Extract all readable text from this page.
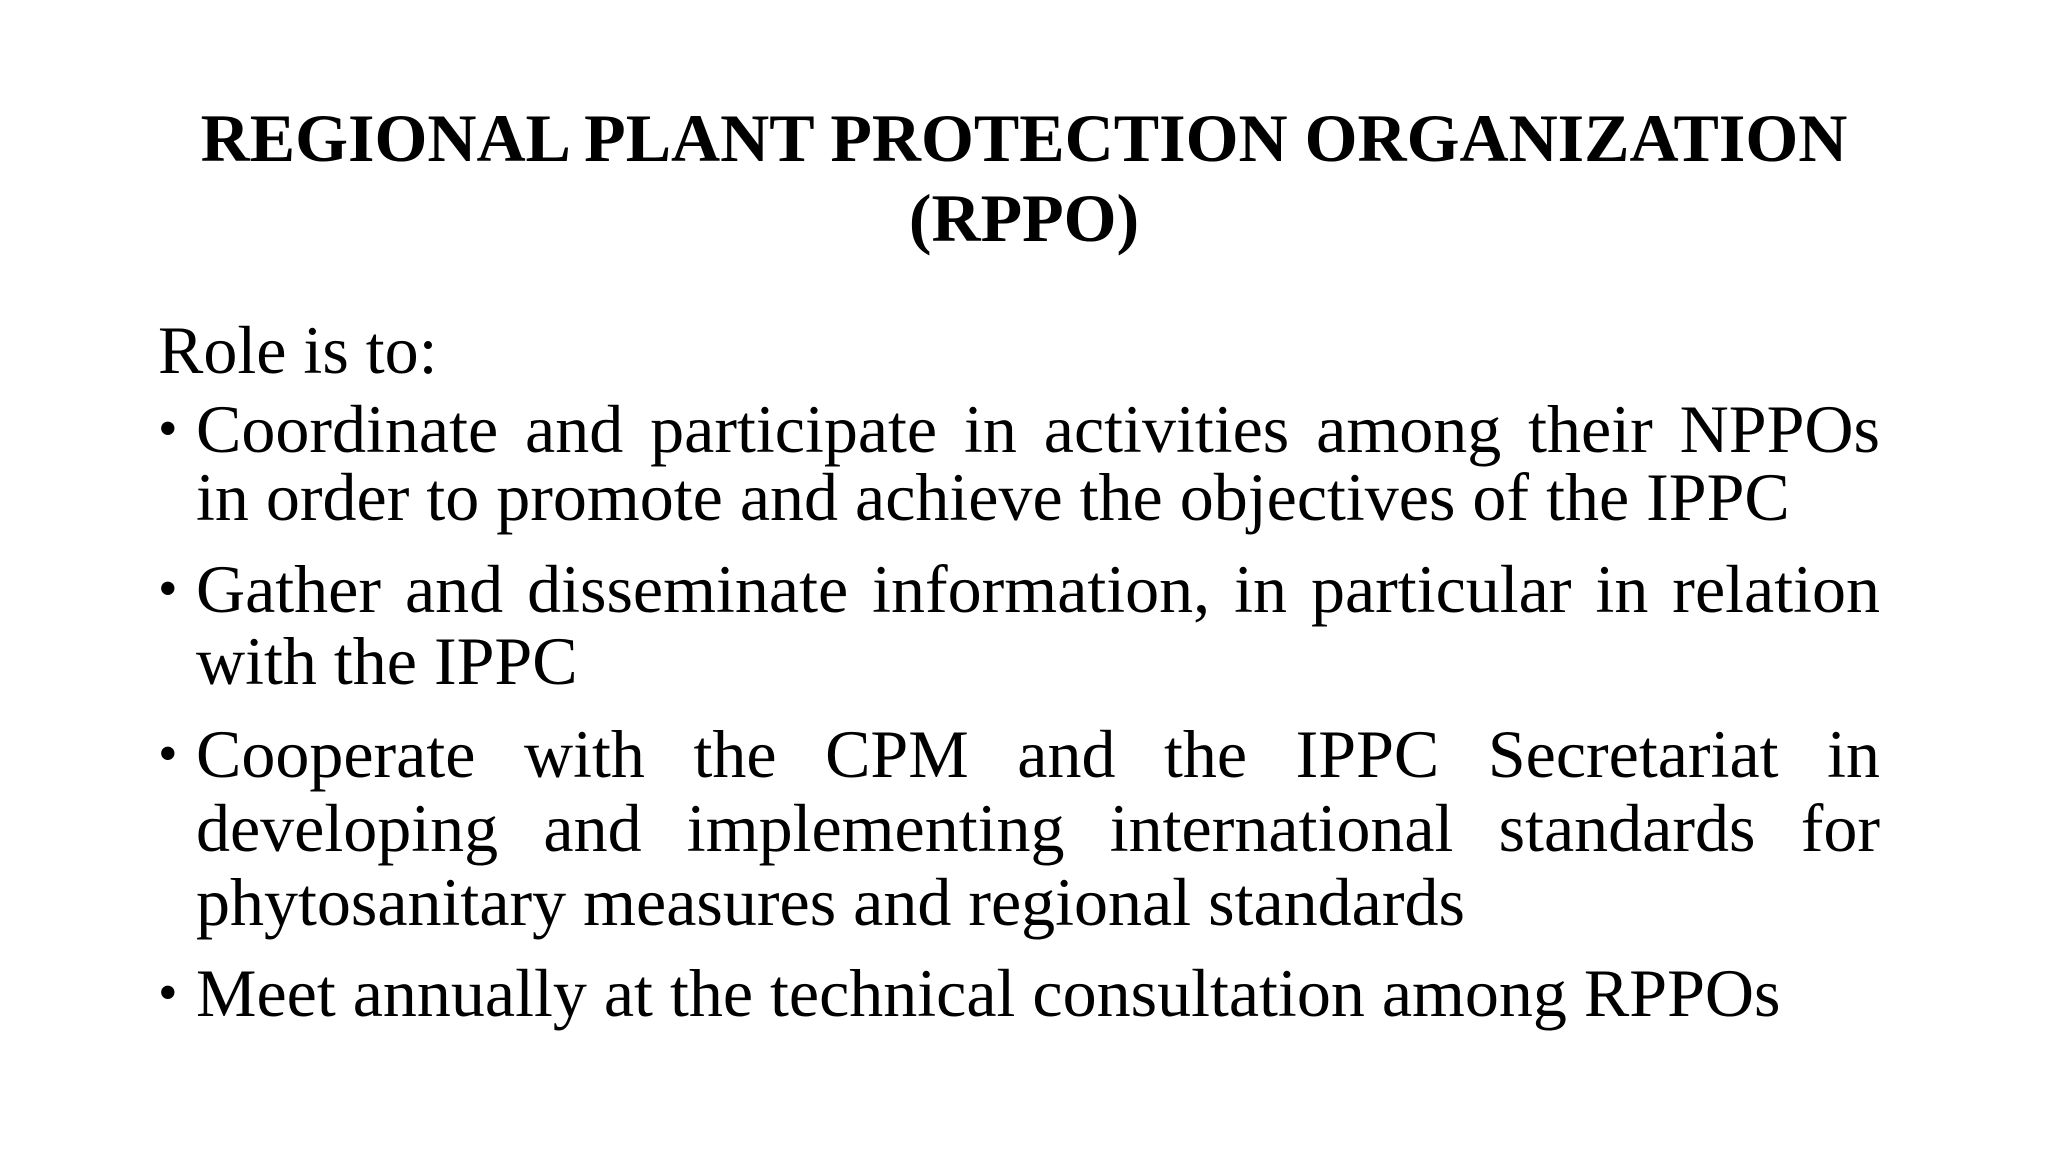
REGIONAL PLANT PROTECTION ORGANIZATION
(RPPO)

Role is to:

• Coordinate and participate in activities among their NPPOs in order to promote and achieve the objectives of the IPPC
• Gather and disseminate information, in particular in relation with the IPPC
• Cooperate with the CPM and the IPPC Secretariat in developing and implementing international standards for phytosanitary measures and regional standards
• Meet annually at the technical consultation among RPPOs
